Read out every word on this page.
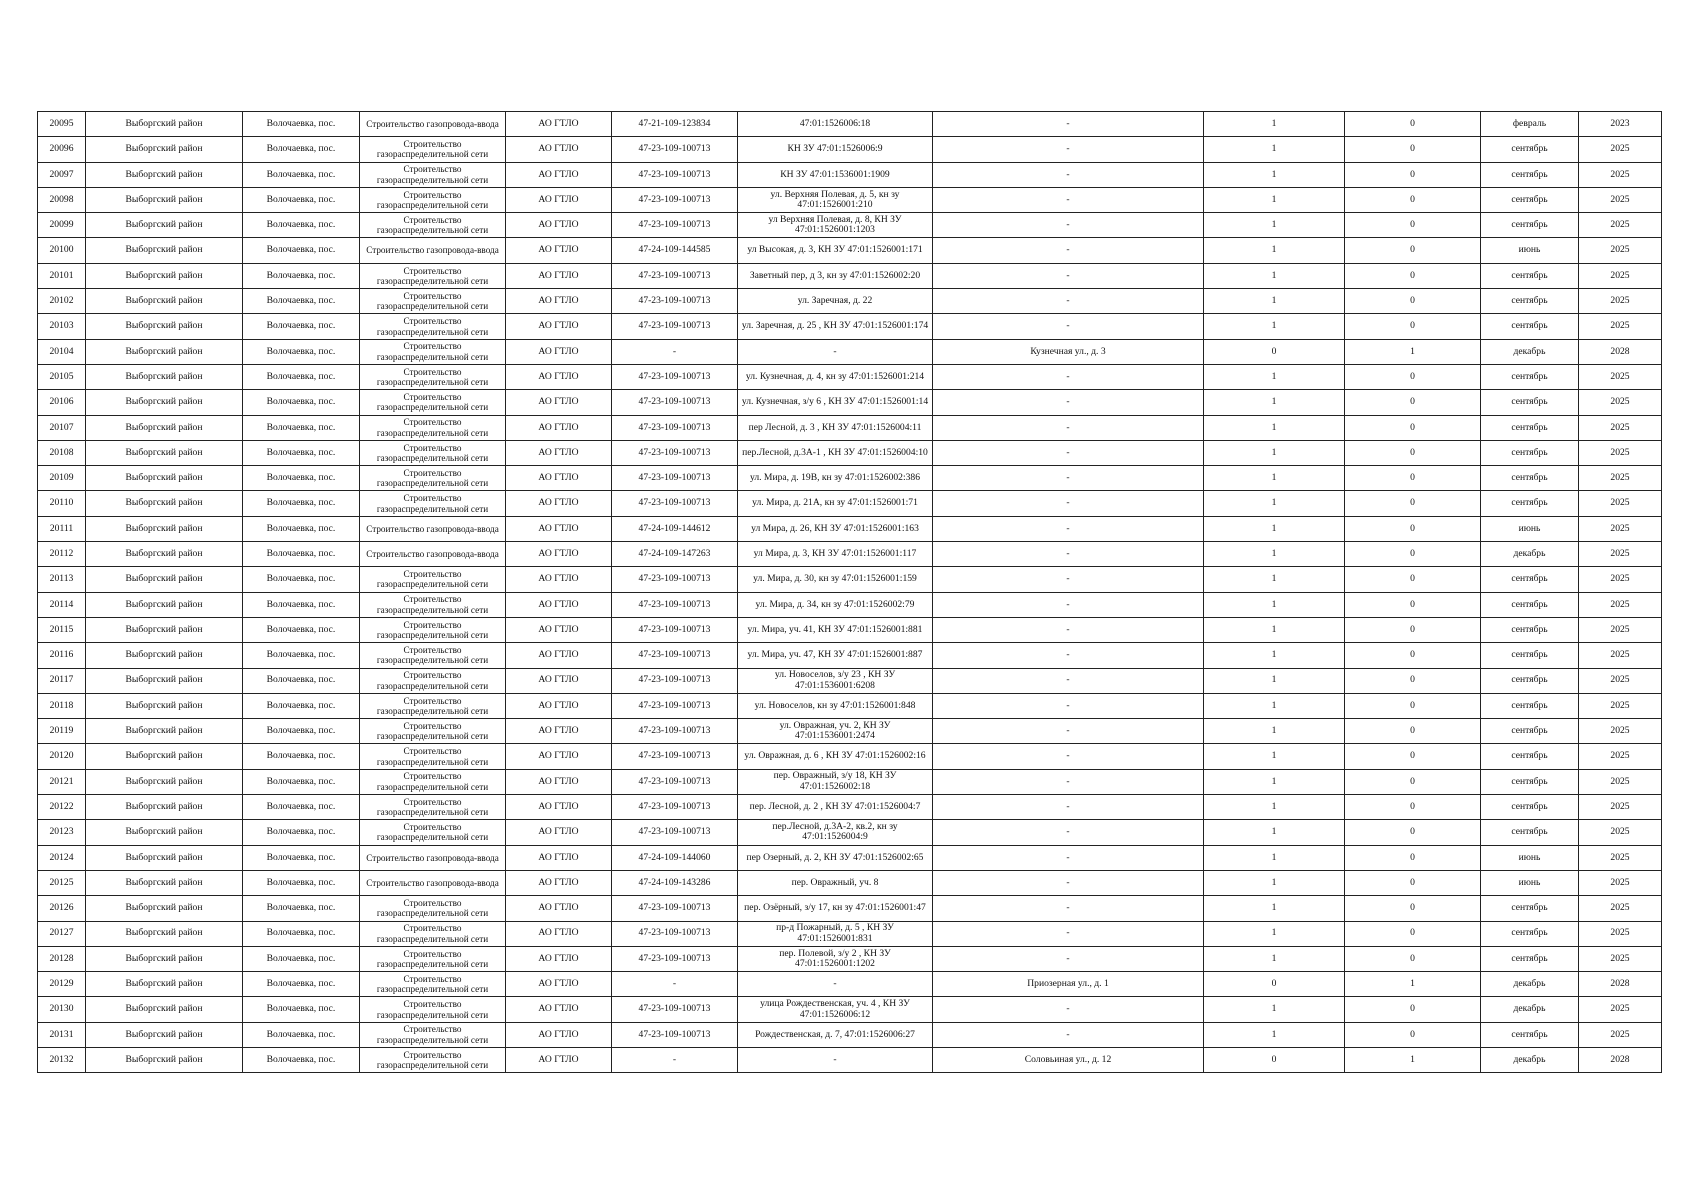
20095	Выборгский район	Волочаевка, пос.	Строительство газопровода-ввода	АО ГТЛО	47-21-109-123834	47:01:1526006:18	-	1	0	февраль	2023
20096	Выборгский район	Волочаевка, пос.	Строительство газораспределительной сети	АО ГТЛО	47-23-109-100713	КН ЗУ 47:01:1526006:9	-	1	0	сентябрь	2025
20097	Выборгский район	Волочаевка, пос.	Строительство газораспределительной сети	АО ГТЛО	47-23-109-100713	КН ЗУ 47:01:1536001:1909	-	1	0	сентябрь	2025
20098	Выборгский район	Волочаевка, пос.	Строительство газораспределительной сети	АО ГТЛО	47-23-109-100713	ул. Верхняя Полевая, д. 5, кн зу 47:01:1526001:210	-	1	0	сентябрь	2025
20099	Выборгский район	Волочаевка, пос.	Строительство газораспределительной сети	АО ГТЛО	47-23-109-100713	ул Верхняя Полевая, д. 8, КН ЗУ 47:01:1526001:1203	-	1	0	сентябрь	2025
20100	Выборгский район	Волочаевка, пос.	Строительство газопровода-ввода	АО ГТЛО	47-24-109-144585	ул Высокая, д. 3, КН ЗУ 47:01:1526001:171	-	1	0	июнь	2025
20101	Выборгский район	Волочаевка, пос.	Строительство газораспределительной сети	АО ГТЛО	47-23-109-100713	Заветный пер, д 3, кн зу 47:01:1526002:20	-	1	0	сентябрь	2025
20102	Выборгский район	Волочаевка, пос.	Строительство газораспределительной сети	АО ГТЛО	47-23-109-100713	ул. Заречная, д. 22	-	1	0	сентябрь	2025
20103	Выборгский район	Волочаевка, пос.	Строительство газораспределительной сети	АО ГТЛО	47-23-109-100713	ул. Заречная, д. 25 , КН ЗУ 47:01:1526001:174	-	1	0	сентябрь	2025
20104	Выборгский район	Волочаевка, пос.	Строительство газораспределительной сети	АО ГТЛО	-	-	Кузнечная ул., д. 3	0	1	декабрь	2028
20105	Выборгский район	Волочаевка, пос.	Строительство газораспределительной сети	АО ГТЛО	47-23-109-100713	ул. Кузнечная, д. 4, кн зу 47:01:1526001:214	-	1	0	сентябрь	2025
20106	Выборгский район	Волочаевка, пос.	Строительство газораспределительной сети	АО ГТЛО	47-23-109-100713	ул. Кузнечная, з/у 6 , КН ЗУ 47:01:1526001:14	-	1	0	сентябрь	2025
20107	Выборгский район	Волочаевка, пос.	Строительство газораспределительной сети	АО ГТЛО	47-23-109-100713	пер Лесной, д. 3 , КН ЗУ 47:01:1526004:11	-	1	0	сентябрь	2025
20108	Выборгский район	Волочаевка, пос.	Строительство газораспределительной сети	АО ГТЛО	47-23-109-100713	пер.Лесной, д.3А-1 , КН ЗУ 47:01:1526004:10	-	1	0	сентябрь	2025
20109	Выборгский район	Волочаевка, пос.	Строительство газораспределительной сети	АО ГТЛО	47-23-109-100713	ул. Мира, д. 19В, кн зу 47:01:1526002:386	-	1	0	сентябрь	2025
20110	Выборгский район	Волочаевка, пос.	Строительство газораспределительной сети	АО ГТЛО	47-23-109-100713	ул. Мира, д. 21А, кн зу 47:01:1526001:71	-	1	0	сентябрь	2025
20111	Выборгский район	Волочаевка, пос.	Строительство газопровода-ввода	АО ГТЛО	47-24-109-144612	ул Мира, д. 26, КН ЗУ 47:01:1526001:163	-	1	0	июнь	2025
20112	Выборгский район	Волочаевка, пос.	Строительство газопровода-ввода	АО ГТЛО	47-24-109-147263	ул Мира, д. 3, КН ЗУ 47:01:1526001:117	-	1	0	декабрь	2025
20113	Выборгский район	Волочаевка, пос.	Строительство газораспределительной сети	АО ГТЛО	47-23-109-100713	ул. Мира, д. 30, кн зу 47:01:1526001:159	-	1	0	сентябрь	2025
20114	Выборгский район	Волочаевка, пос.	Строительство газораспределительной сети	АО ГТЛО	47-23-109-100713	ул. Мира, д. 34, кн зу 47:01:1526002:79	-	1	0	сентябрь	2025
20115	Выборгский район	Волочаевка, пос.	Строительство газораспределительной сети	АО ГТЛО	47-23-109-100713	ул. Мира, уч. 41, КН ЗУ 47:01:1526001:881	-	1	0	сентябрь	2025
20116	Выборгский район	Волочаевка, пос.	Строительство газораспределительной сети	АО ГТЛО	47-23-109-100713	ул. Мира, уч. 47, КН ЗУ 47:01:1526001:887	-	1	0	сентябрь	2025
20117	Выборгский район	Волочаевка, пос.	Строительство газораспределительной сети	АО ГТЛО	47-23-109-100713	ул. Новоселов, з/у 23 , КН ЗУ 47:01:1536001:6208	-	1	0	сентябрь	2025
20118	Выборгский район	Волочаевка, пос.	Строительство газораспределительной сети	АО ГТЛО	47-23-109-100713	ул. Новоселов, кн зу 47:01:1526001:848	-	1	0	сентябрь	2025
20119	Выборгский район	Волочаевка, пос.	Строительство газораспределительной сети	АО ГТЛО	47-23-109-100713	ул. Овражная, уч. 2, КН ЗУ 47:01:1536001:2474	-	1	0	сентябрь	2025
20120	Выборгский район	Волочаевка, пос.	Строительство газораспределительной сети	АО ГТЛО	47-23-109-100713	ул. Овражная, д. 6 , КН ЗУ 47:01:1526002:16	-	1	0	сентябрь	2025
20121	Выборгский район	Волочаевка, пос.	Строительство газораспределительной сети	АО ГТЛО	47-23-109-100713	пер. Овражный, з/у 18, КН ЗУ 47:01:1526002:18	-	1	0	сентябрь	2025
20122	Выборгский район	Волочаевка, пос.	Строительство газораспределительной сети	АО ГТЛО	47-23-109-100713	пер. Лесной, д. 2 , КН ЗУ 47:01:1526004:7	-	1	0	сентябрь	2025
20123	Выборгский район	Волочаевка, пос.	Строительство газораспределительной сети	АО ГТЛО	47-23-109-100713	пер.Лесной, д.3А-2, кв.2, кн зу 47:01:1526004:9	-	1	0	сентябрь	2025
20124	Выборгский район	Волочаевка, пос.	Строительство газопровода-ввода	АО ГТЛО	47-24-109-144060	пер Озерный, д. 2, КН ЗУ 47:01:1526002:65	-	1	0	июнь	2025
20125	Выборгский район	Волочаевка, пос.	Строительство газопровода-ввода	АО ГТЛО	47-24-109-143286	пер. Овражный, уч. 8	-	1	0	июнь	2025
20126	Выборгский район	Волочаевка, пос.	Строительство газораспределительной сети	АО ГТЛО	47-23-109-100713	пер. Озёрный, з/у 17, кн зу 47:01:1526001:47	-	1	0	сентябрь	2025
20127	Выборгский район	Волочаевка, пос.	Строительство газораспределительной сети	АО ГТЛО	47-23-109-100713	пр-д Пожарный, д. 5 , КН ЗУ 47:01:1526001:831	-	1	0	сентябрь	2025
20128	Выборгский район	Волочаевка, пос.	Строительство газораспределительной сети	АО ГТЛО	47-23-109-100713	пер. Полевой, з/у 2 , КН ЗУ 47:01:1526001:1202	-	1	0	сентябрь	2025
20129	Выборгский район	Волочаевка, пос.	Строительство газораспределительной сети	АО ГТЛО	-	-	Приозерная ул., д. 1	0	1	декабрь	2028
20130	Выборгский район	Волочаевка, пос.	Строительство газораспределительной сети	АО ГТЛО	47-23-109-100713	улица Рождественская, уч. 4 , КН ЗУ 47:01:1526006:12	-	1	0	декабрь	2025
20131	Выборгский район	Волочаевка, пос.	Строительство газораспределительной сети	АО ГТЛО	47-23-109-100713	Рождественская, д. 7, 47:01:1526006:27	-	1	0	сентябрь	2025
20132	Выборгский район	Волочаевка, пос.	Строительство газораспределительной сети	АО ГТЛО	-	-	Соловьиная ул., д. 12	0	1	декабрь	2028
